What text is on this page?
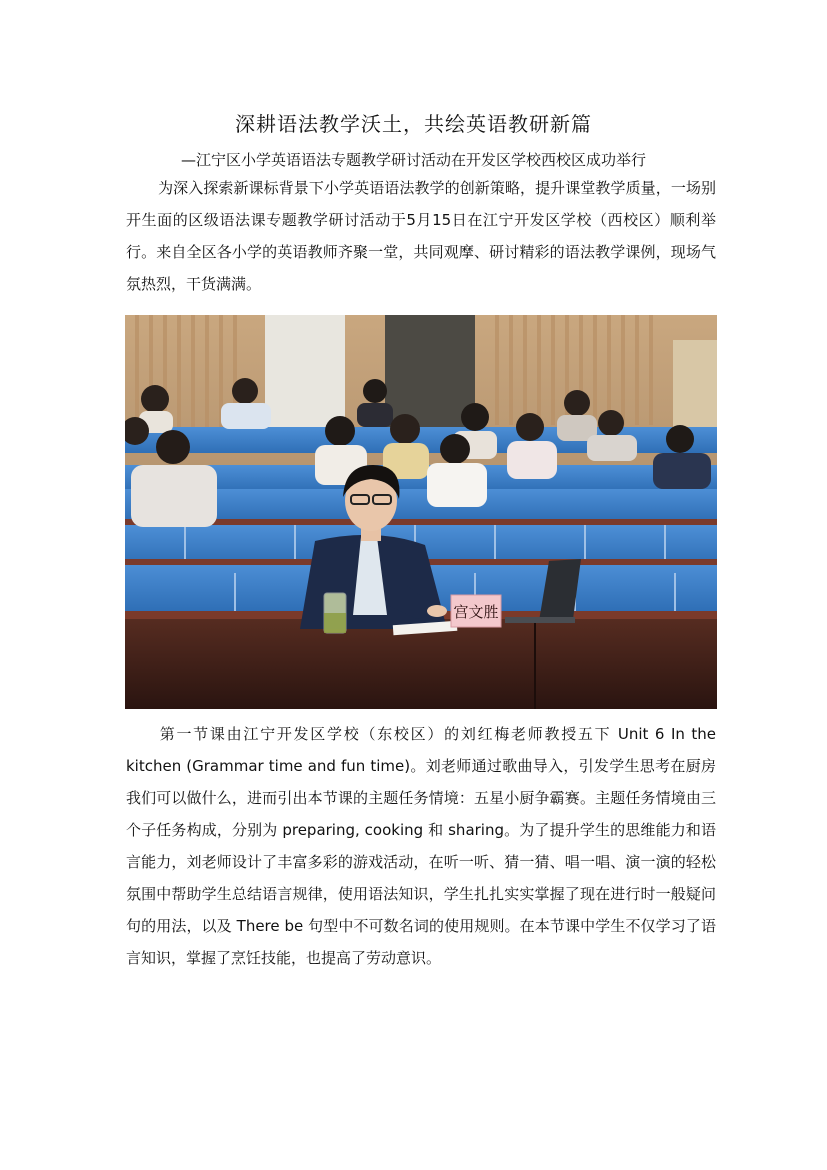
深耕语法教学沃土，共绘英语教研新篇
—江宁区小学英语语法专题教学研讨活动在开发区学校西校区成功举行
为深入探索新课标背景下小学英语语法教学的创新策略，提升课堂教学质量，一场别开生面的区级语法课专题教学研讨活动于5月15日在江宁开发区学校（西校区）顺利举行。来自全区各小学的英语教师齐聚一堂，共同观摩、研讨精彩的语法教学课例，现场气氛热烈，干货满满。
宫文胜
第一节课由江宁开发区学校（东校区）的刘红梅老师教授五下 Unit 6 In the kitchen (Grammar time and fun time)。刘老师通过歌曲导入，引发学生思考在厨房我们可以做什么，进而引出本节课的主题任务情境：五星小厨争霸赛。主题任务情境由三个子任务构成，分别为 preparing, cooking 和 sharing。为了提升学生的思维能力和语言能力，刘老师设计了丰富多彩的游戏活动，在听一听、猜一猜、唱一唱、演一演的轻松氛围中帮助学生总结语言规律，使用语法知识，学生扎扎实实掌握了现在进行时一般疑问句的用法，以及 There be 句型中不可数名词的使用规则。在本节课中学生不仅学习了语言知识，掌握了烹饪技能，也提高了劳动意识。
